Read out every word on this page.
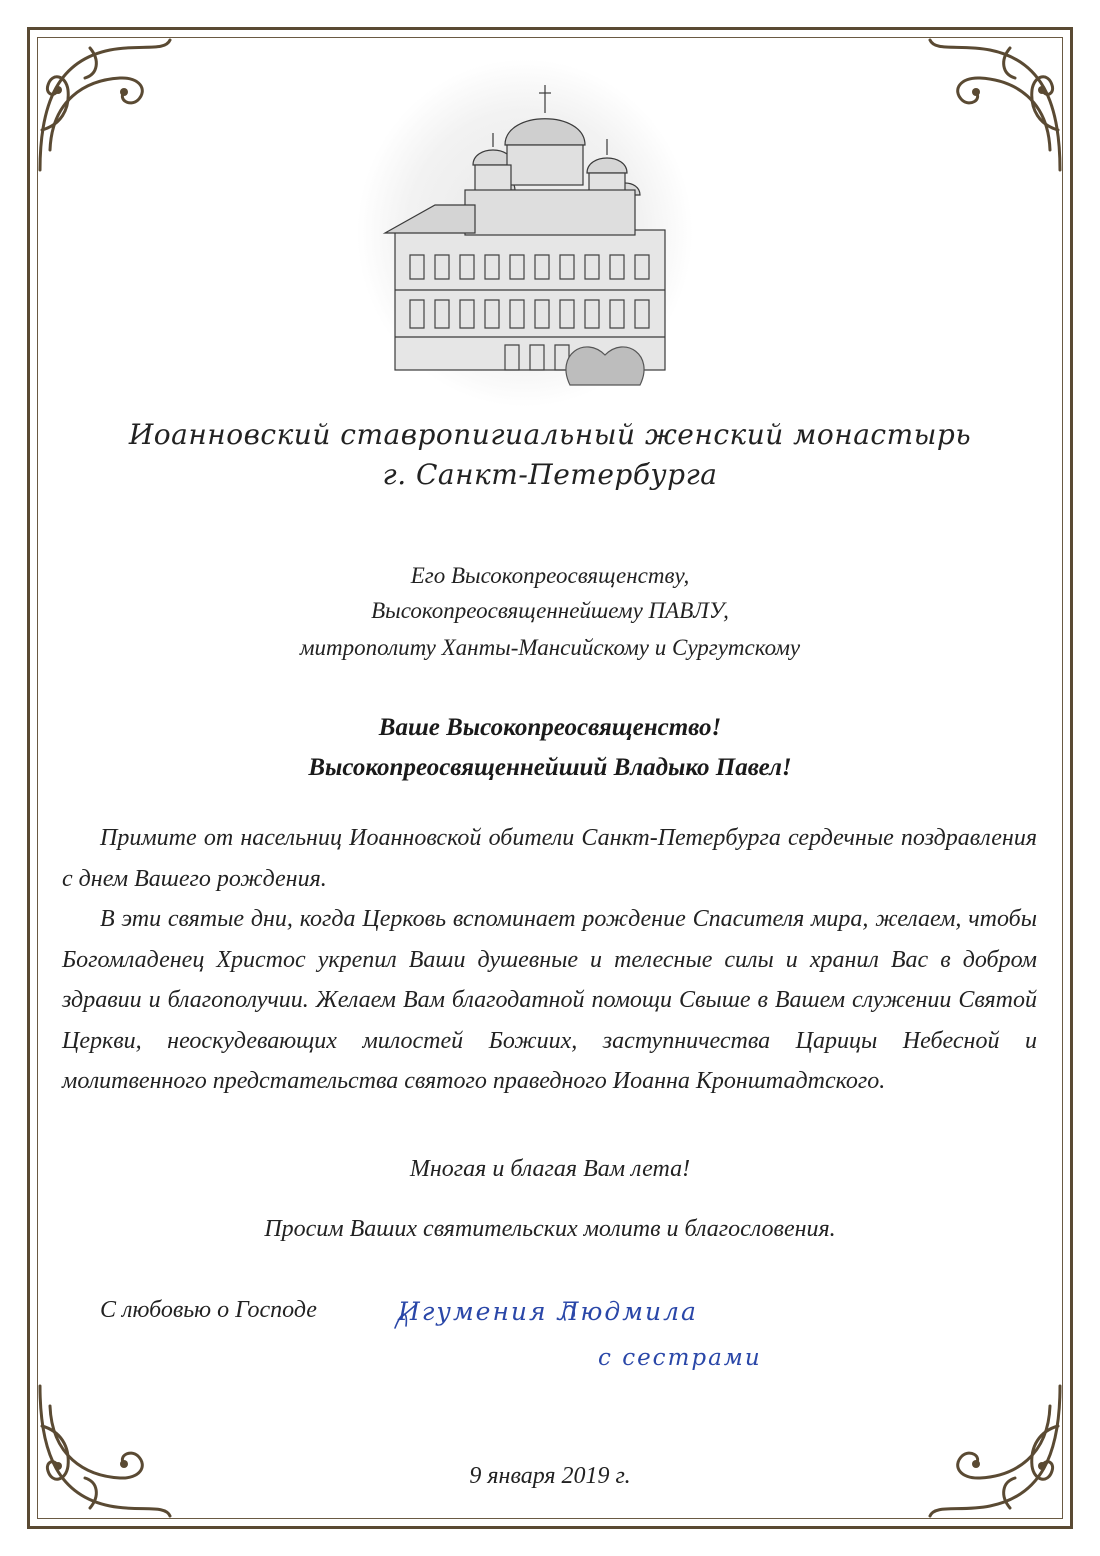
Иоанновский ставропигиальный женский монастырь
г. Санкт-Петербурга
Его Высокопреосвященству,
Высокопреосвященнейшему ПАВЛУ,
митрополиту Ханты-Мансийскому и Сургутскому
Ваше Высокопреосвященство!
Высокопреосвященнейший Владыко Павел!

Примите от насельниц Иоанновской обители Санкт-Петербурга сердечные поздравления с днем Вашего рождения.

В эти святые дни, когда Церковь вспоминает рождение Спасителя мира, желаем, чтобы Богомладенец Христос укрепил Ваши душевные и телесные силы и хранил Вас в добром здравии и благополучии. Желаем Вам благодатной помощи Свыше в Вашем служении Святой Церкви, неоскудевающих милостей Божиих, заступничества Царицы Небесной и молитвенного предстательства святого праведного Иоанна Кронштадтского.

Многая и благая Вам лета!
Просим Ваших святительских молитв и благословения.
С любовью о Господе	Игумения Людмила
с сестрами
9 января 2019 г.
